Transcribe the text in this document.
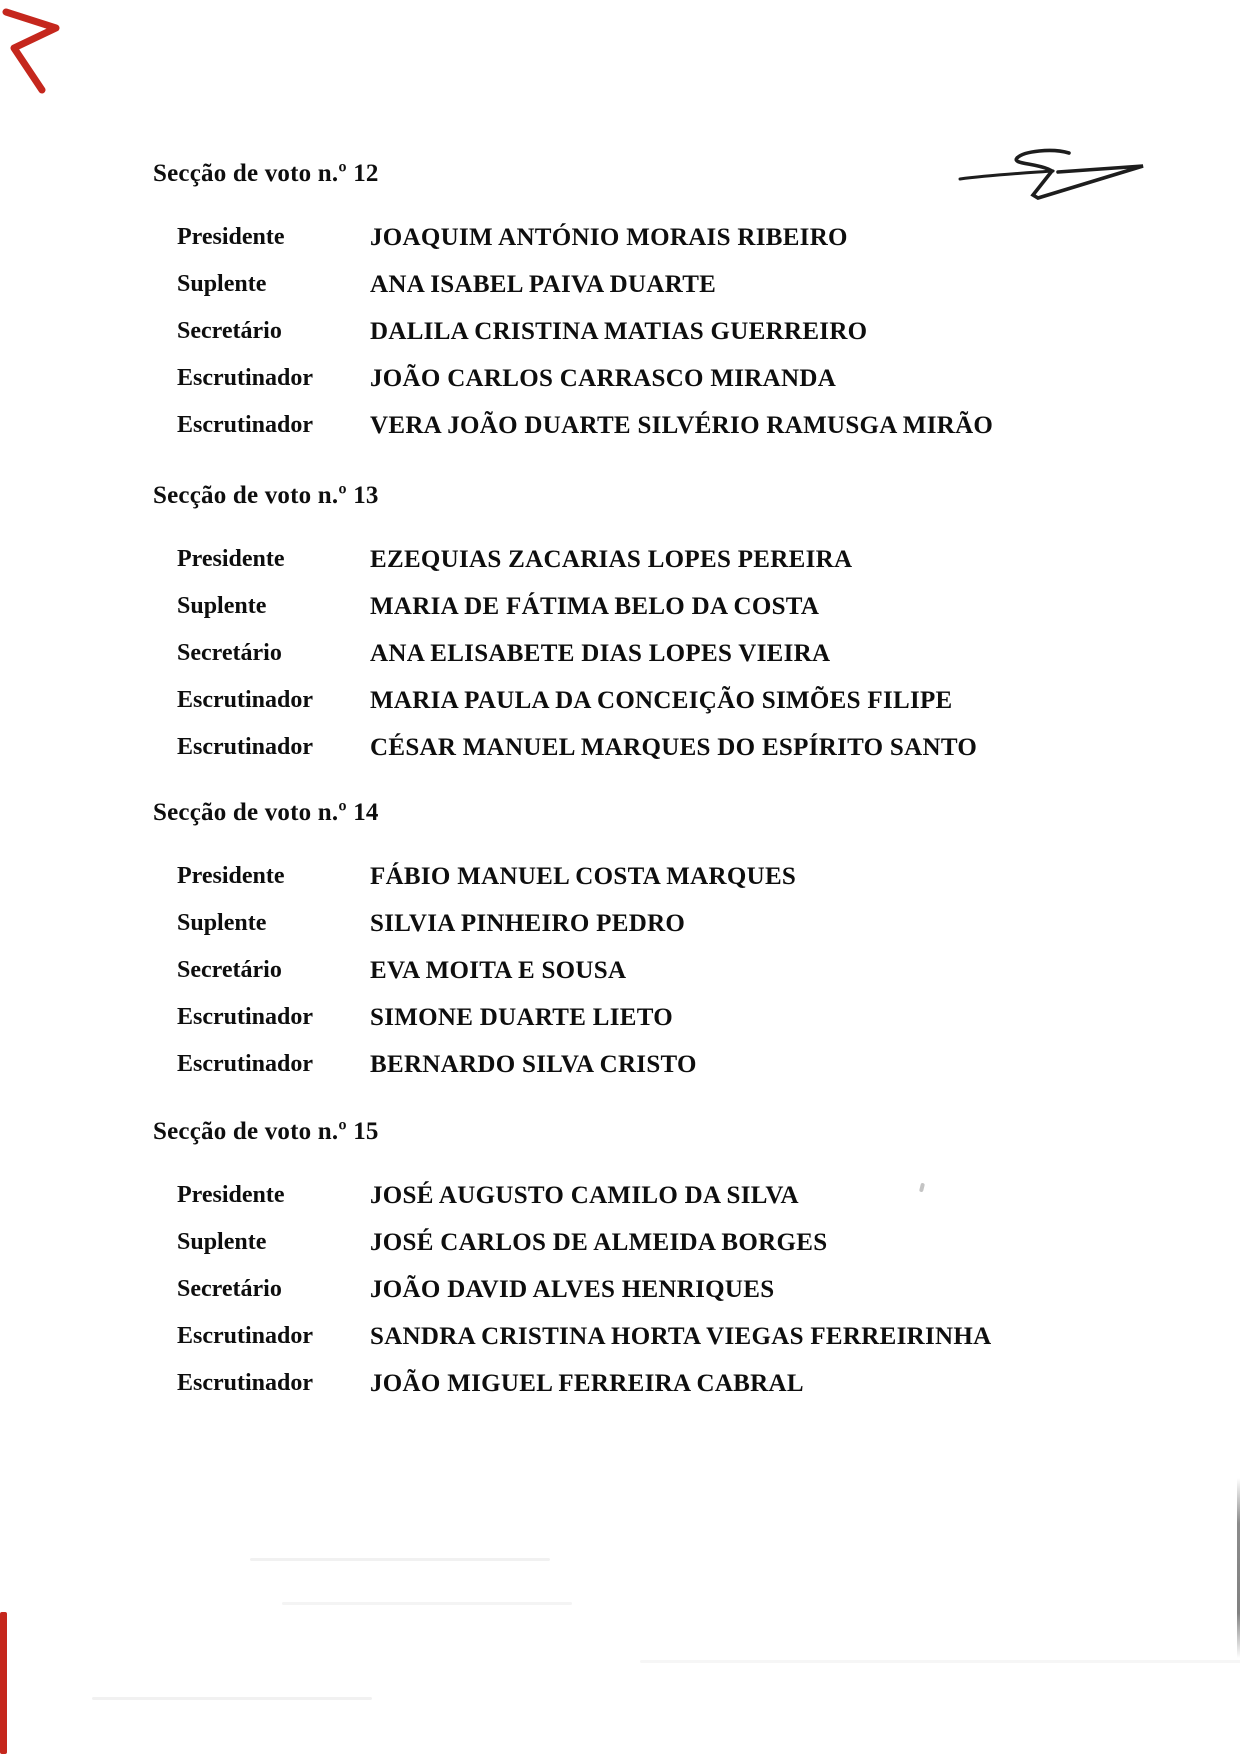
Secção de voto n.º 12
Presidente	JOAQUIM ANTÓNIO MORAIS RIBEIRO
Suplente	ANA ISABEL PAIVA DUARTE
Secretário	DALILA CRISTINA MATIAS GUERREIRO
Escrutinador	JOÃO CARLOS CARRASCO MIRANDA
Escrutinador	VERA JOÃO DUARTE SILVÉRIO RAMUSGA MIRÃO
Secção de voto n.º 13
Presidente	EZEQUIAS ZACARIAS LOPES PEREIRA
Suplente	MARIA DE FÁTIMA BELO DA COSTA
Secretário	ANA ELISABETE DIAS LOPES VIEIRA
Escrutinador	MARIA PAULA DA CONCEIÇÃO SIMÕES FILIPE
Escrutinador	CÉSAR MANUEL MARQUES DO ESPÍRITO SANTO
Secção de voto n.º 14
Presidente	FÁBIO MANUEL COSTA MARQUES
Suplente	SILVIA PINHEIRO PEDRO
Secretário	EVA MOITA E SOUSA
Escrutinador	SIMONE DUARTE LIETO
Escrutinador	BERNARDO SILVA CRISTO
Secção de voto n.º 15
Presidente	JOSÉ AUGUSTO CAMILO DA SILVA
Suplente	JOSÉ CARLOS DE ALMEIDA BORGES
Secretário	JOÃO DAVID ALVES HENRIQUES
Escrutinador	SANDRA CRISTINA HORTA VIEGAS FERREIRINHA
Escrutinador	JOÃO MIGUEL FERREIRA CABRAL
